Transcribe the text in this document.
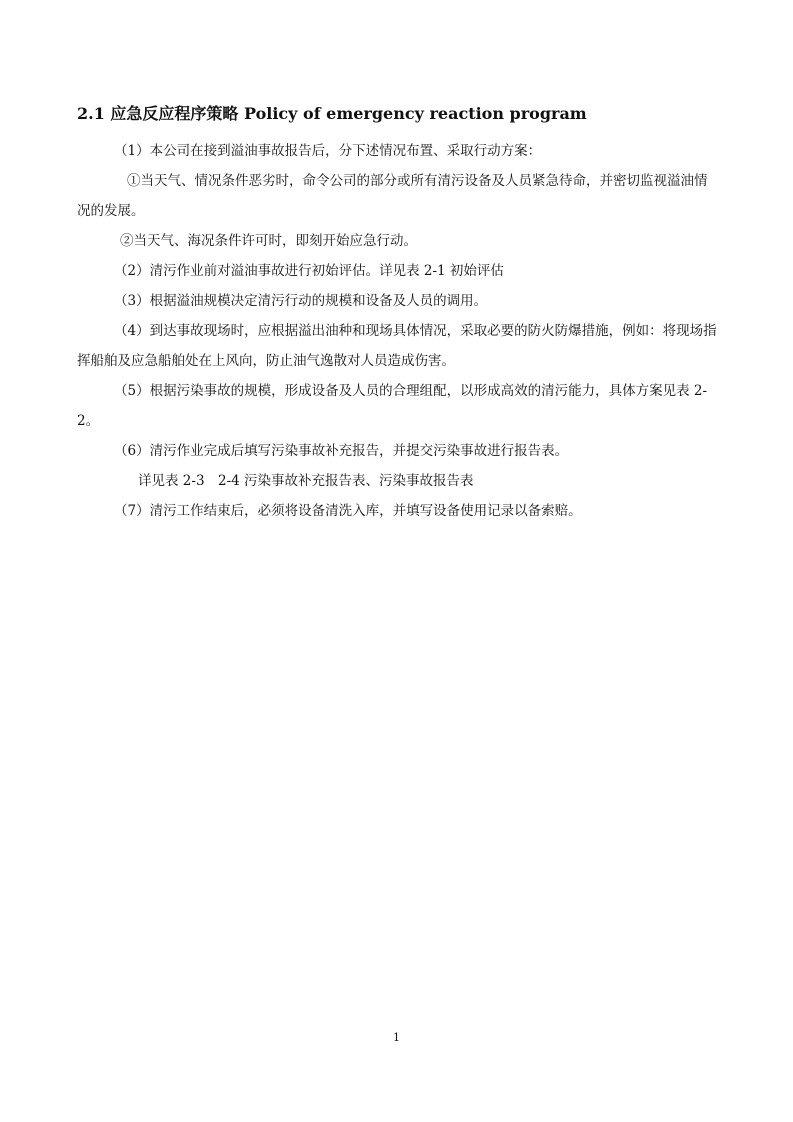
2.1 应急反应程序策略 Policy of emergency reaction program

（1）本公司在接到溢油事故报告后，分下述情况布置、采取行动方案：

①当天气、情况条件恶劣时，命令公司的部分或所有清污设备及人员紧急待命，并密切监视溢油情况的发展。

②当天气、海况条件许可时，即刻开始应急行动。

（2）清污作业前对溢油事故进行初始评估。详见表 2-1 初始评估

（3）根据溢油规模决定清污行动的规模和设备及人员的调用。

（4）到达事故现场时，应根据溢出油种和现场具体情况，采取必要的防火防爆措施，例如：将现场指挥船舶及应急船舶处在上风向，防止油气逸散对人员造成伤害。

（5）根据污染事故的规模，形成设备及人员的合理组配，以形成高效的清污能力，具体方案见表 2-2。

（6）清污作业完成后填写污染事故补充报告，并提交污染事故进行报告表。

详见表 2-3　2-4 污染事故补充报告表、污染事故报告表

（7）清污工作结束后，必须将设备清洗入库，并填写设备使用记录以备索赔。

1
